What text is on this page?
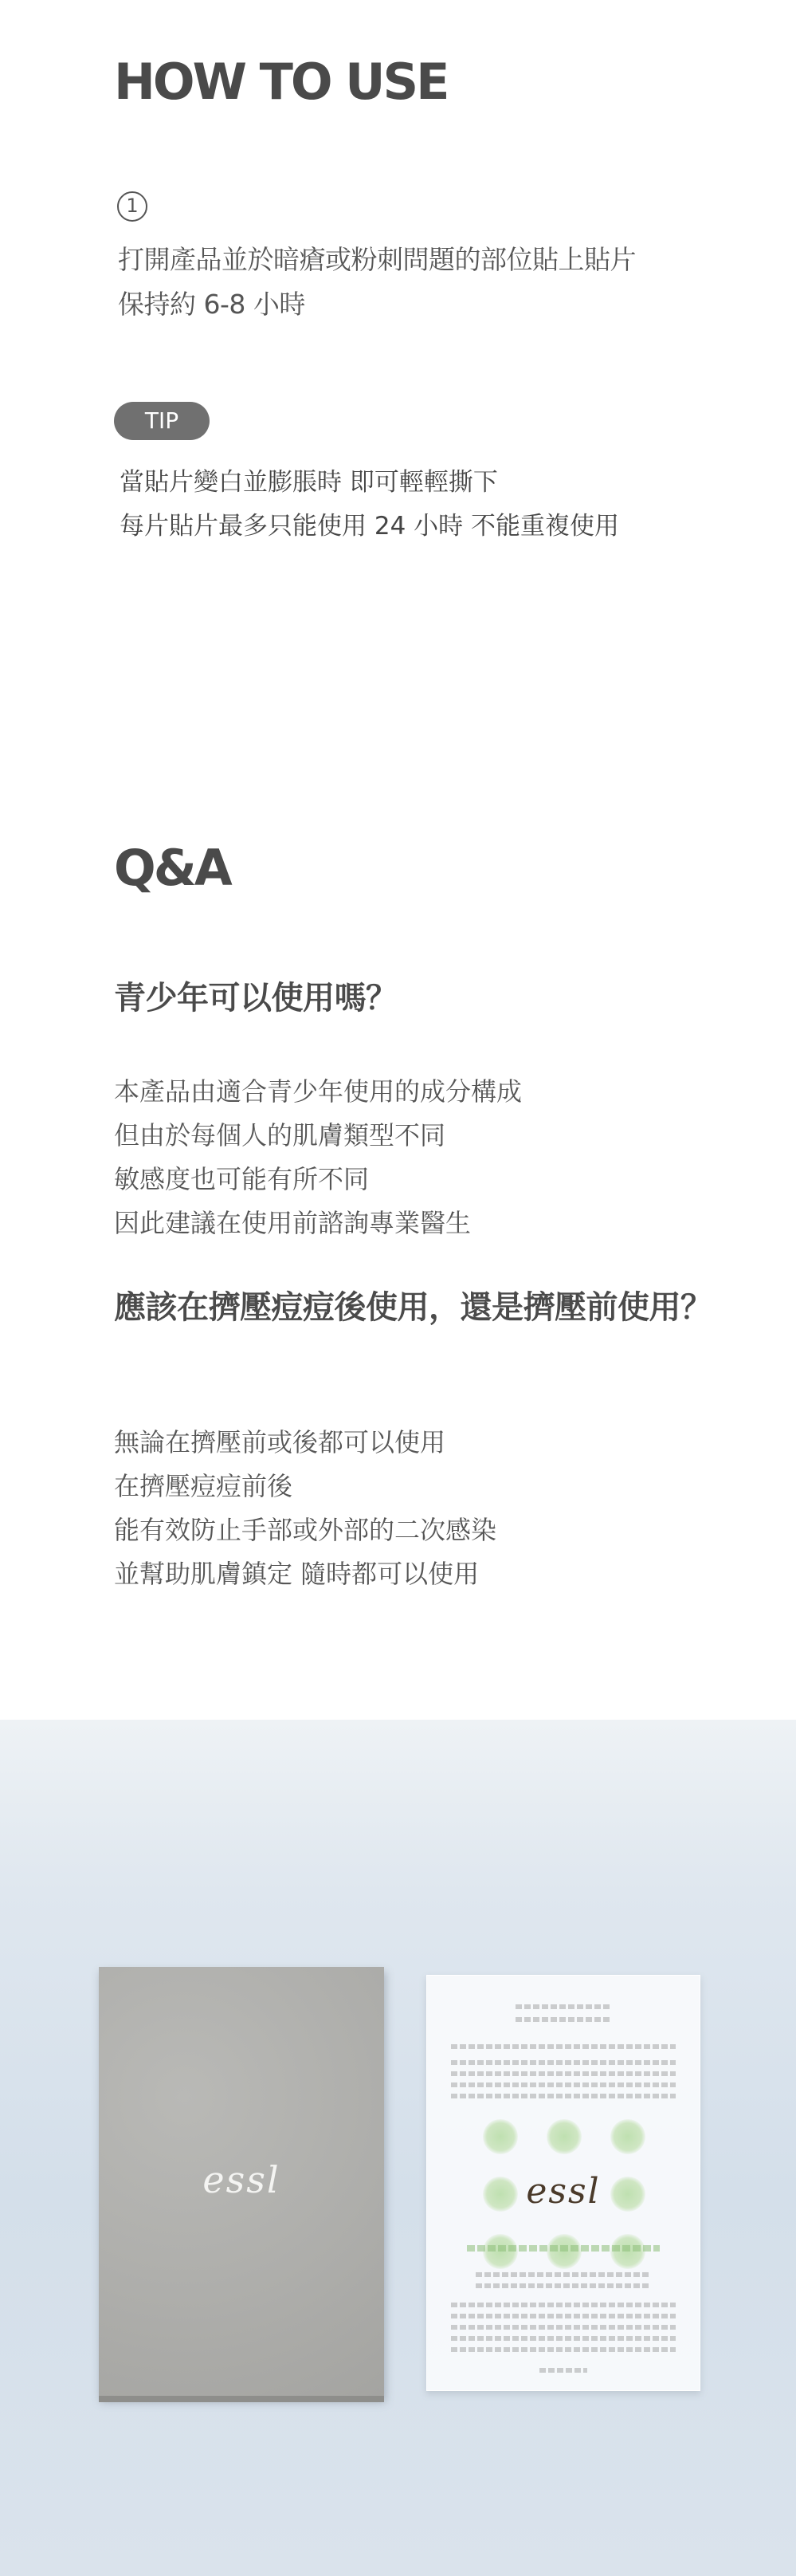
HOW TO USE
1

打開產品並於暗瘡或粉刺問題的部位貼上貼片

保持約 6-8 小時

TIP

當貼片變白並膨脹時 即可輕輕撕下

每片貼片最多只能使用 24 小時 不能重複使用

Q&A
青少年可以使用嗎？

本產品由適合青少年使用的成分構成

但由於每個人的肌膚類型不同

敏感度也可能有所不同

因此建議在使用前諮詢專業醫生

應該在擠壓痘痘後使用，還是擠壓前使用？

無論在擠壓前或後都可以使用

在擠壓痘痘前後

能有效防止手部或外部的二次感染

並幫助肌膚鎮定 隨時都可以使用

essl	essl
